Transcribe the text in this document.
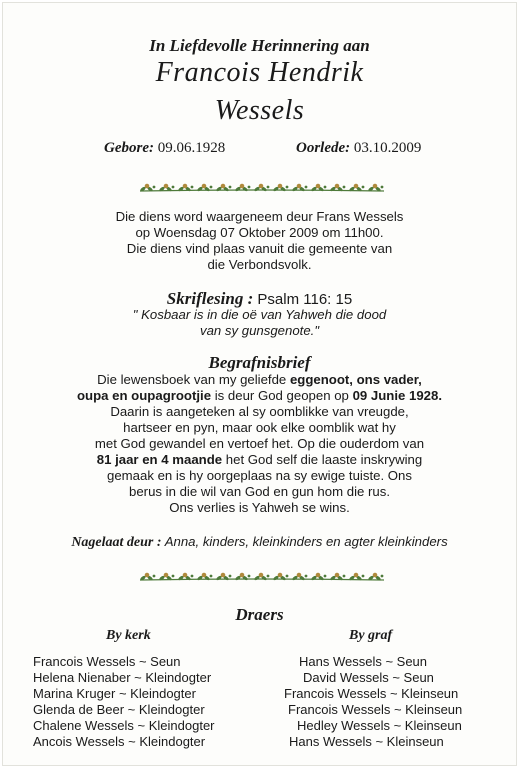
In Liefdevolle Herinnering aan
Francois Hendrik
Wessels
Gebore: 09.06.1928	Oorlede: 03.10.2009
Die diens word waargeneem deur Frans Wessels
op Woensdag 07 Oktober 2009 om 11h00.
Die diens vind plaas vanuit die gemeente van
die Verbondsvolk.
Skriflesing : Psalm 116: 15
" Kosbaar is in die oë van Yahweh die dood
van sy gunsgenote."
Begrafnisbrief
Die lewensboek van my geliefde eggenoot, ons vader,
oupa en oupagrootjie is deur God geopen op 09 Junie 1928.
Daarin is aangeteken al sy oomblikke van vreugde,
hartseer en pyn, maar ook elke oomblik wat hy
met God gewandel en vertoef het. Op die ouderdom van
81 jaar en 4 maande het God self die laaste inskrywing
gemaak en is hy oorgeplaas na sy ewige tuiste. Ons
berus in die wil van God en gun hom die rus.
Ons verlies is Yahweh se wins.
Nagelaat deur : Anna, kinders, kleinkinders en agter kleinkinders
Draers
By kerk	By graf
Francois Wessels ~ Seun
Helena Nienaber ~ Kleindogter
Marina Kruger ~ Kleindogter
Glenda de Beer ~ Kleindogter
Chalene Wessels ~ Kleindogter
Ancois Wessels ~ Kleindogter
Hans Wessels ~ Seun
David Wessels ~ Seun
Francois Wessels ~ Kleinseun
Francois Wessels ~ Kleinseun
Hedley Wessels ~ Kleinseun
Hans Wessels ~ Kleinseun
